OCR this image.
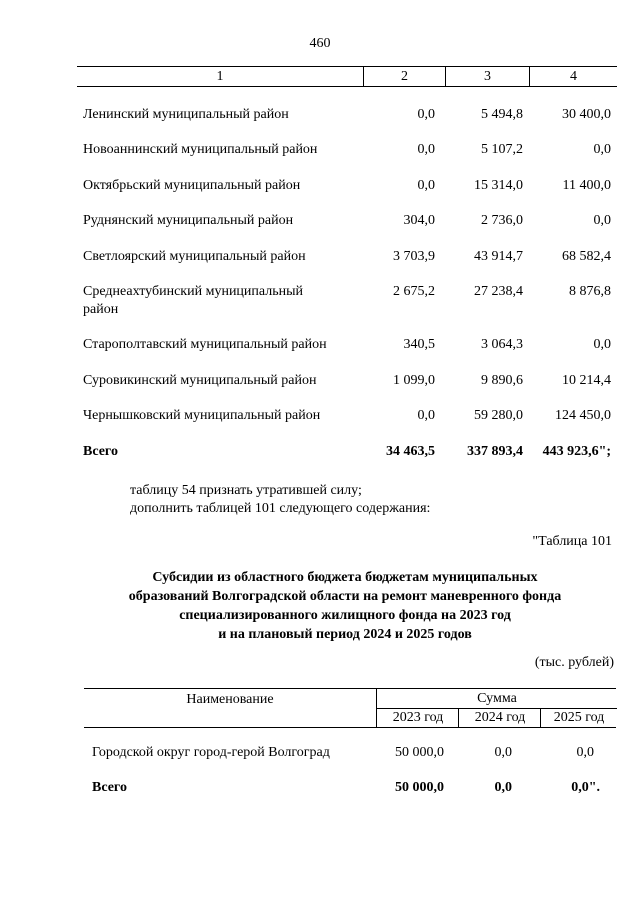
460
1	2	3	4
Ленинский муниципальный район	0,0	5 494,8	30 400,0
Новоаннинский муниципальный район	0,0	5 107,2	0,0
Октябрьский муниципальный район	0,0	15 314,0	11 400,0
Руднянский муниципальный район	304,0	2 736,0	0,0
Светлоярский муниципальный район	3 703,9	43 914,7	68 582,4
Среднеахтубинский муниципальный
район
2 675,2	27 238,4	8 876,8
Старополтавский муниципальный район	340,5	3 064,3	0,0
Суровикинский муниципальный район	1 099,0	9 890,6	10 214,4
Чернышковский муниципальный район	0,0	59 280,0	124 450,0
Всего	34 463,5	337 893,4	443 923,6";
таблицу 54 признать утратившей силу;
дополнить таблицей 101 следующего содержания:
"Таблица 101
Субсидии из областного бюджета бюджетам муниципальных
образований Волгоградской области на ремонт маневренного фонда
специализированного жилищного фонда на 2023 год
и на плановый период 2024 и 2025 годов
(тыс. рублей)
Наименование	Сумма
2023 год	2024 год	2025 год
Городской округ город-герой Волгоград	50 000,0	0,0	0,0
Всего	50 000,0	0,0	0,0".
